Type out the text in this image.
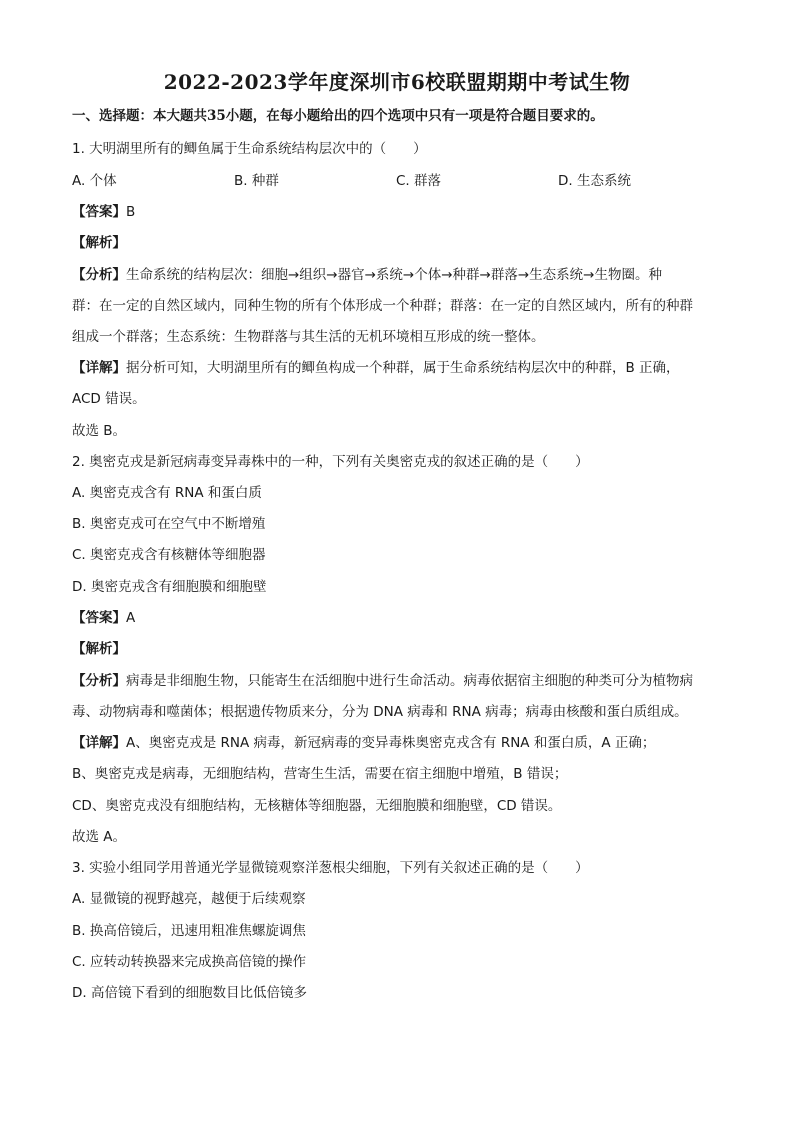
2022-2023学年度深圳市6校联盟期期中考试生物
一、选择题：本大题共35小题，在每小题给出的四个选项中只有一项是符合题目要求的。
1. 大明湖里所有的鲫鱼属于生命系统结构层次中的（　　）
A. 个体	B. 种群	C. 群落	D. 生态系统
【答案】B
【解析】
【分析】生命系统的结构层次：细胞→组织→器官→系统→个体→种群→群落→生态系统→生物圈。种
群：在一定的自然区域内，同种生物的所有个体形成一个种群；群落：在一定的自然区域内，所有的种群
组成一个群落；生态系统：生物群落与其生活的无机环境相互形成的统一整体。
【详解】据分析可知，大明湖里所有的鲫鱼构成一个种群，属于生命系统结构层次中的种群，B 正确，
ACD 错误。
故选 B。
2. 奥密克戎是新冠病毒变异毒株中的一种，下列有关奥密克戎的叙述正确的是（　　）
A. 奥密克戎含有 RNA 和蛋白质
B. 奥密克戎可在空气中不断增殖
C. 奥密克戎含有核糖体等细胞器
D. 奥密克戎含有细胞膜和细胞壁
【答案】A
【解析】
【分析】病毒是非细胞生物，只能寄生在活细胞中进行生命活动。病毒依据宿主细胞的种类可分为植物病
毒、动物病毒和噬菌体；根据遗传物质来分，分为 DNA 病毒和 RNA 病毒；病毒由核酸和蛋白质组成。
【详解】A、奥密克戎是 RNA 病毒，新冠病毒的变异毒株奥密克戎含有 RNA 和蛋白质，A 正确；
B、奥密克戎是病毒，无细胞结构，营寄生生活，需要在宿主细胞中增殖，B 错误；
CD、奥密克戎没有细胞结构，无核糖体等细胞器，无细胞膜和细胞壁，CD 错误。
故选 A。
3. 实验小组同学用普通光学显微镜观察洋葱根尖细胞，下列有关叙述正确的是（　　）
A. 显微镜的视野越亮，越便于后续观察
B. 换高倍镜后，迅速用粗准焦螺旋调焦
C. 应转动转换器来完成换高倍镜的操作
D. 高倍镜下看到的细胞数目比低倍镜多
